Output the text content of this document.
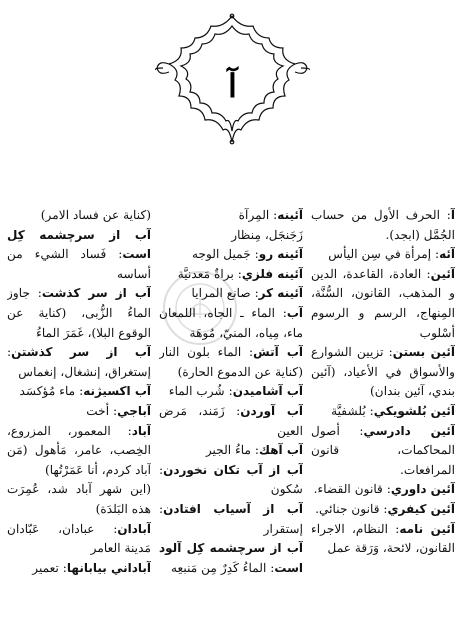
آ

آ: الحرف الأول من حساب الجُمَّل (ابجد).

آئه: إمرأة في سِن اليأس

آئين: العادة، القاعدة، الدين و المذهب، القانون، السُّنَّة، المِنهاج، الرسم و الرسوم أسْلوب

آئين بستن: تزيين الشوارع والأسواق في الأعياد، (آئين بندي، آئين بندان)

آئين بُلشويكي: بُلشفيَّة

آئين دادرسي: أصول المحاكمات، قانون المرافعات.

آئين داوري: قانون القضاء.

آئين كيفري: قانون جنائي.

آئين نامه: النظام، الاجراء القانون، لائحة، وَرَقة عمل

آئينه: المِرآة

زَجَنجَل، مِنظار

آئينه رو: جَميل الوجه

آئينه فلزي: براةٌ مَعدنيَّة

آئينه كر: صانع المرايا

آب: الماء ـ الجاه، اللمعان ماء، مِياه، المنيّ، مُوهَة

آب آتش: الماء بلون النار (كناية عن الدموع الحارة)

آب آشاميدن: شُرب الماء

آب آوردن: زَمَند، مَرض العين

آب آهك: ماءُ الجير

آب از آب تكان نخوردن: سُكون

آب از آسياب افتادن: إستقرار

آب از سرچشمه كِل آلود است: الماءُ كَدِرٌ مِن مَنبعِه

(كناية عن فساد الامر)

آب از سرچشمه كِل است: فَساد الشيء من أساسه

آب از سر كذشت: جاوز الماءُ الزُّبى، (كناية عن الوقوع البلا)، غَمَرَ الماءُ

آب از سر كذشتن: إستغراق، إنشغال، إنغماس

آب اكسيژنه: ماء مُؤكسَد

آباجي: أخت

آباد: المعمور، المزروع، الخِصب، عامر، مَأهول (مَن آباد كردم، أنا عَمَرْتُها)

(اين شهر آباد شد، عُمِرَت هذه البَلدَة)

آبادان: عبادان، عَبّادان مَدينة العامر

آباداني بيابانها: تعمير
